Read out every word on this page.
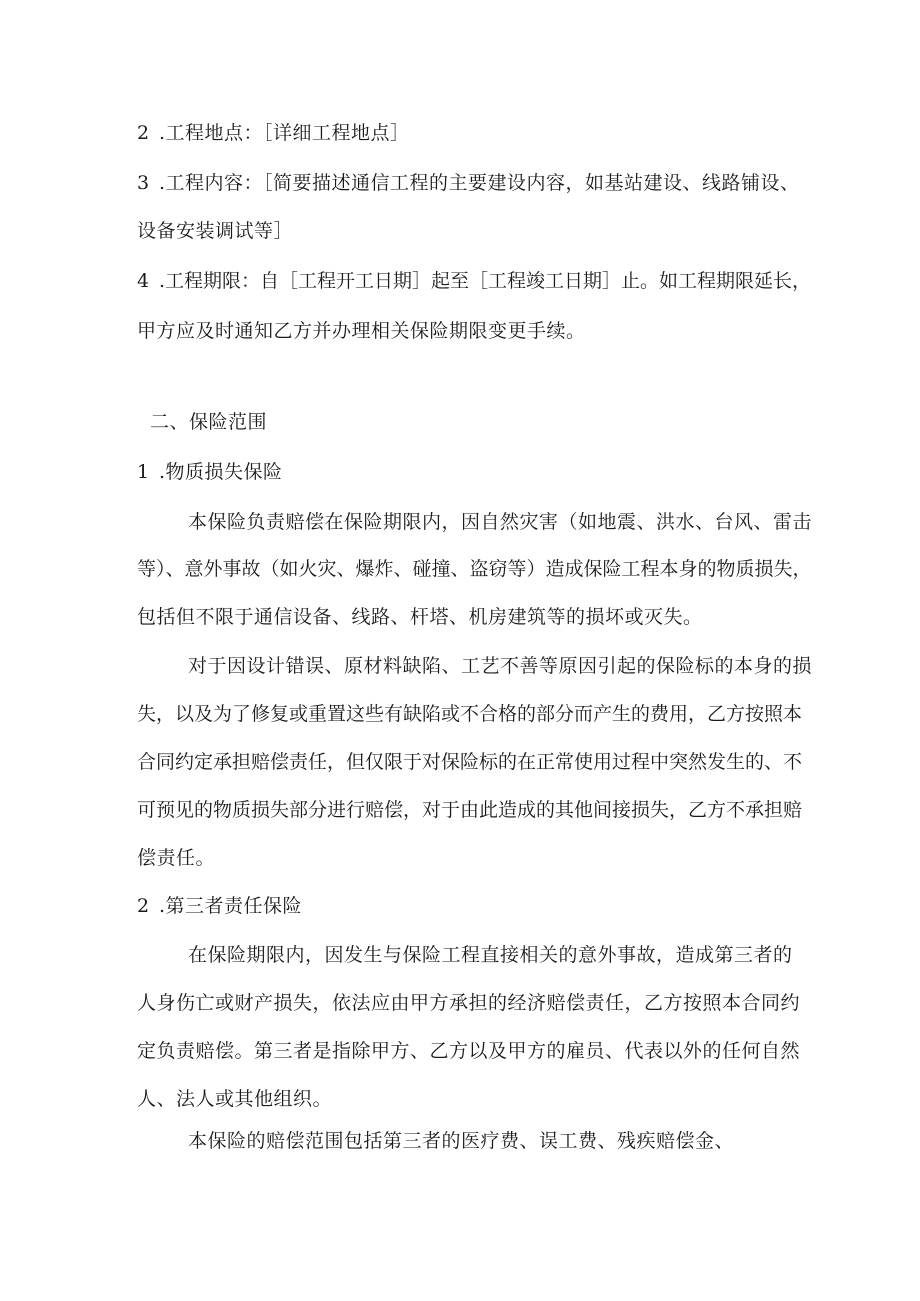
2 .工程地点：［详细工程地点］
3 .工程内容：［简要描述通信工程的主要建设内容，如基站建设、线路铺设、
设备安装调试等］
4 .工程期限：自［工程开工日期］起至［工程竣工日期］止。如工程期限延长，
甲方应及时通知乙方并办理相关保险期限变更手续。
二、保险范围
1 .物质损失保险
本保险负责赔偿在保险期限内，因自然灾害（如地震、洪水、台风、雷击
等）、意外事故（如火灾、爆炸、碰撞、盗窃等）造成保险工程本身的物质损失，
包括但不限于通信设备、线路、杆塔、机房建筑等的损坏或灭失。
对于因设计错误、原材料缺陷、工艺不善等原因引起的保险标的本身的损
失，以及为了修复或重置这些有缺陷或不合格的部分而产生的费用，乙方按照本
合同约定承担赔偿责任，但仅限于对保险标的在正常使用过程中突然发生的、不
可预见的物质损失部分进行赔偿，对于由此造成的其他间接损失，乙方不承担赔
偿责任。
2 .第三者责任保险
在保险期限内，因发生与保险工程直接相关的意外事故，造成第三者的
人身伤亡或财产损失，依法应由甲方承担的经济赔偿责任，乙方按照本合同约
定负责赔偿。第三者是指除甲方、乙方以及甲方的雇员、代表以外的任何自然
人、法人或其他组织。
本保险的赔偿范围包括第三者的医疗费、误工费、残疾赔偿金、
